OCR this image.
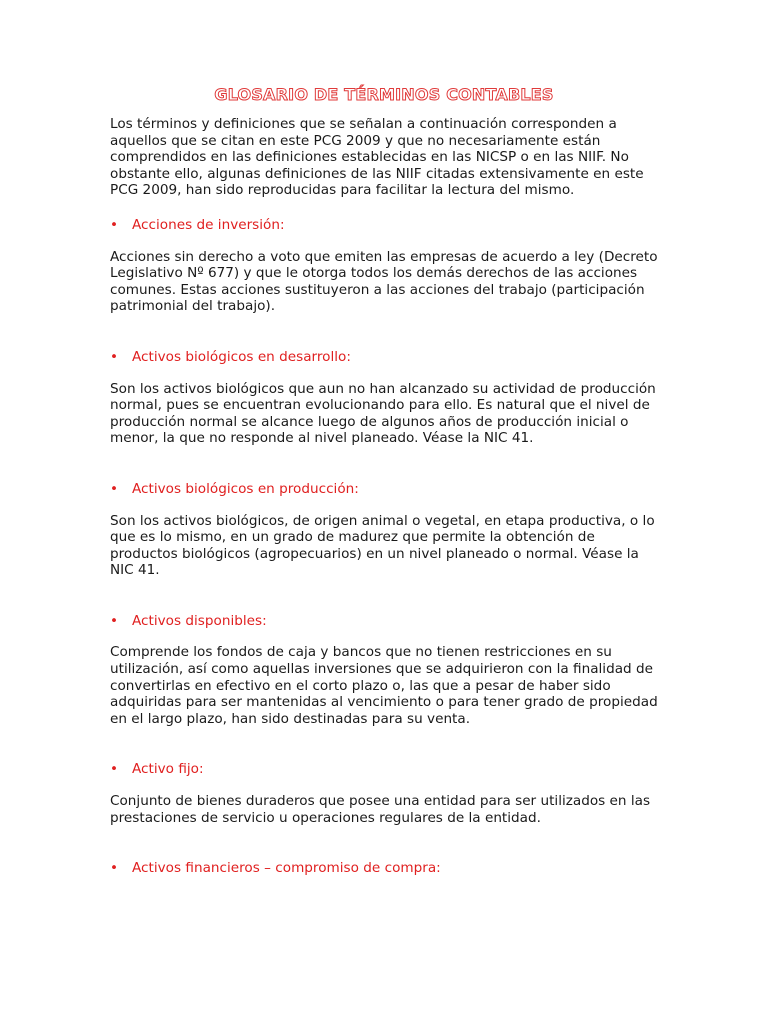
GLOSARIO DE TÉRMINOS CONTABLES

Los términos y definiciones que se señalan a continuación corresponden a aquellos que se citan en este PCG 2009 y que no necesariamente están comprendidos en las definiciones establecidas en las NICSP o en las NIIF. No obstante ello, algunas definiciones de las NIIF citadas extensivamente en este PCG 2009, han sido reproducidas para facilitar la lectura del mismo.

• Acciones de inversión:

Acciones sin derecho a voto que emiten las empresas de acuerdo a ley (Decreto Legislativo Nº 677) y que le otorga todos los demás derechos de las acciones comunes. Estas acciones sustituyeron a las acciones del trabajo (participación patrimonial del trabajo).

• Activos biológicos en desarrollo:

Son los activos biológicos que aun no han alcanzado su actividad de producción normal, pues se encuentran evolucionando para ello. Es natural que el nivel de producción normal se alcance luego de algunos años de producción inicial o menor, la que no responde al nivel planeado. Véase la NIC 41.

• Activos biológicos en producción:

Son los activos biológicos, de origen animal o vegetal, en etapa productiva, o lo que es lo mismo, en un grado de madurez que permite la obtención de productos biológicos (agropecuarios) en un nivel planeado o normal. Véase la NIC 41.

• Activos disponibles:

Comprende los fondos de caja y bancos que no tienen restricciones en su utilización, así como aquellas inversiones que se adquirieron con la finalidad de convertirlas en efectivo en el corto plazo o, las que a pesar de haber sido adquiridas para ser mantenidas al vencimiento o para tener grado de propiedad en el largo plazo, han sido destinadas para su venta.

• Activo fijo:

Conjunto de bienes duraderos que posee una entidad para ser utilizados en las prestaciones de servicio u operaciones regulares de la entidad.

• Activos financieros – compromiso de compra:
